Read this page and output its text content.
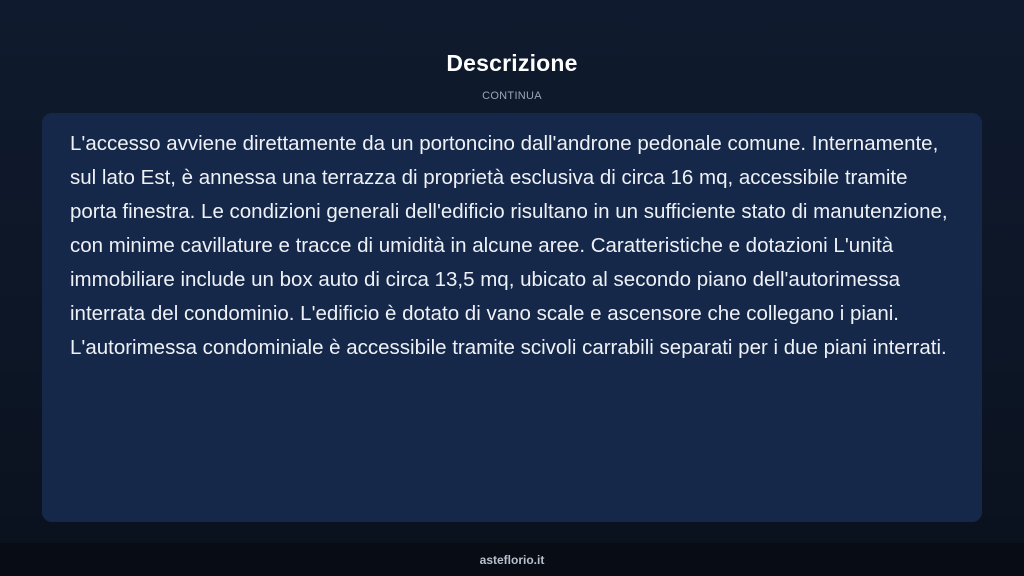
Descrizione
CONTINUA

L'accesso avviene direttamente da un portoncino dall'androne pedonale comune. Internamente, sul lato Est, è annessa una terrazza di proprietà esclusiva di circa 16 mq, accessibile tramite porta finestra. Le condizioni generali dell'edificio risultano in un sufficiente stato di manutenzione, con minime cavillature e tracce di umidità in alcune aree. Caratteristiche e dotazioni L'unità immobiliare include un box auto di circa 13,5 mq, ubicato al secondo piano dell'autorimessa interrata del condominio. L'edificio è dotato di vano scale e ascensore che collegano i piani. L'autorimessa condominiale è accessibile tramite scivoli carrabili separati per i due piani interrati.

asteflorio.it
